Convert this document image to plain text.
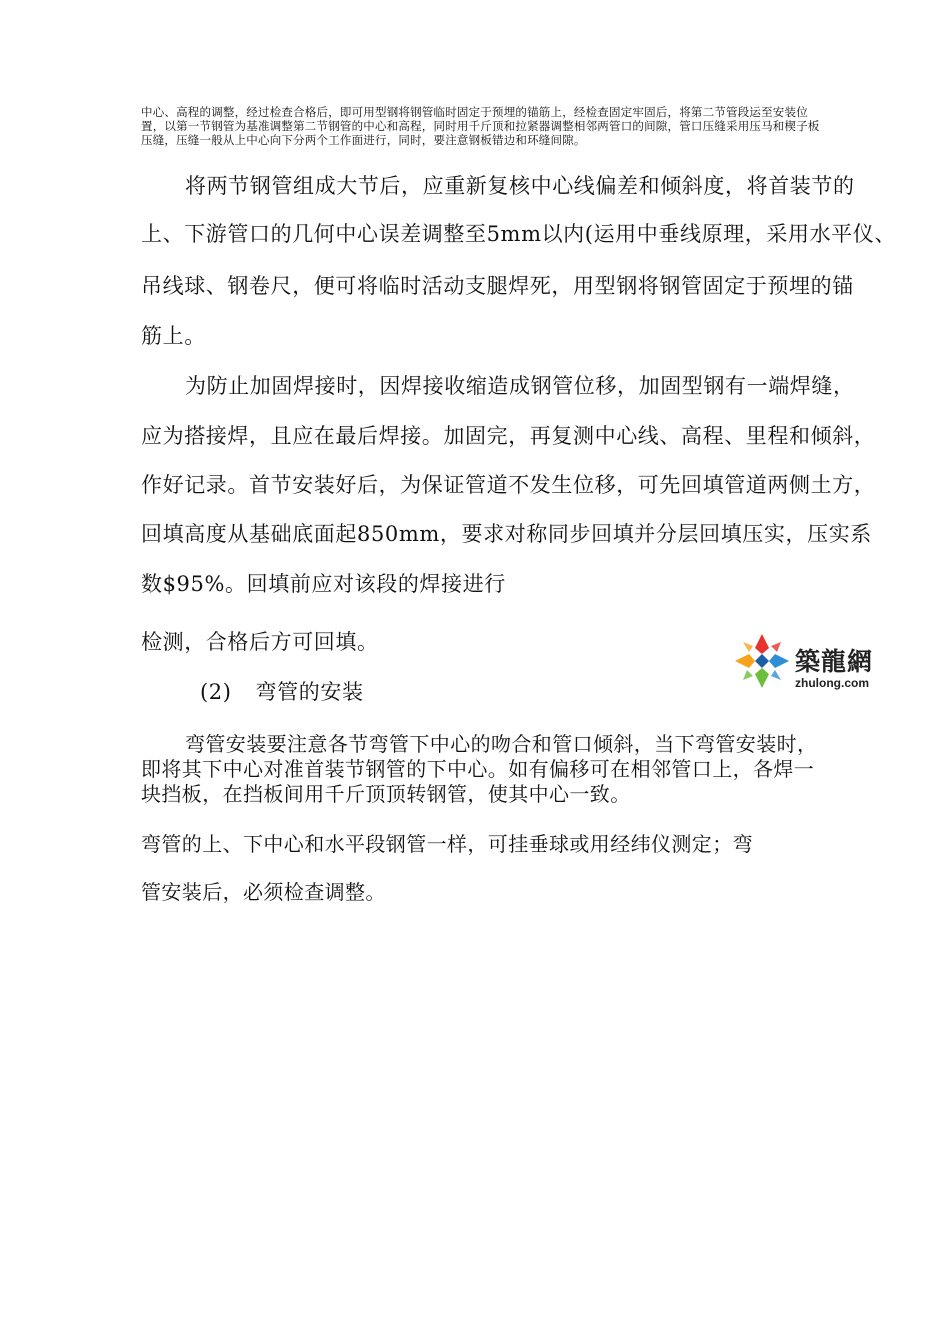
中心、高程的调整，经过检查合格后，即可用型钢将钢管临时固定于预埋的锚筋上，经检查固定牢固后，将第二节管段运至安装位
置，以第一节钢管为基准调整第二节钢管的中心和高程，同时用千斤顶和拉紧器调整相邻两管口的间隙，管口压缝采用压马和楔子板
压缝，压缝一般从上中心向下分两个工作面进行，同时，要注意钢板错边和环缝间隙。
将两节钢管组成大节后，应重新复核中心线偏差和倾斜度，将首装节的
上、下游管口的几何中心误差调整至5mm以内(运用中垂线原理，采用水平仪、
吊线球、钢卷尺，便可将临时活动支腿焊死，用型钢将钢管固定于预埋的锚
筋上。
为防止加固焊接时，因焊接收缩造成钢管位移，加固型钢有一端焊缝，
应为搭接焊，且应在最后焊接。加固完，再复测中心线、高程、里程和倾斜，
作好记录。首节安装好后，为保证管道不发生位移，可先回填管道两侧土方，
回填高度从基础底面起850mm，要求对称同步回填并分层回填压实，压实系
数$95%。回填前应对该段的焊接进行
检测，合格后方可回填。
(2) 弯管的安装
築龍網
zhulong.com
弯管安装要注意各节弯管下中心的吻合和管口倾斜，当下弯管安装时，
即将其下中心对准首装节钢管的下中心。如有偏移可在相邻管口上，各焊一
块挡板，在挡板间用千斤顶顶转钢管，使其中心一致。
弯管的上、下中心和水平段钢管一样，可挂垂球或用经纬仪测定；弯
管安装后，必须检查调整。
